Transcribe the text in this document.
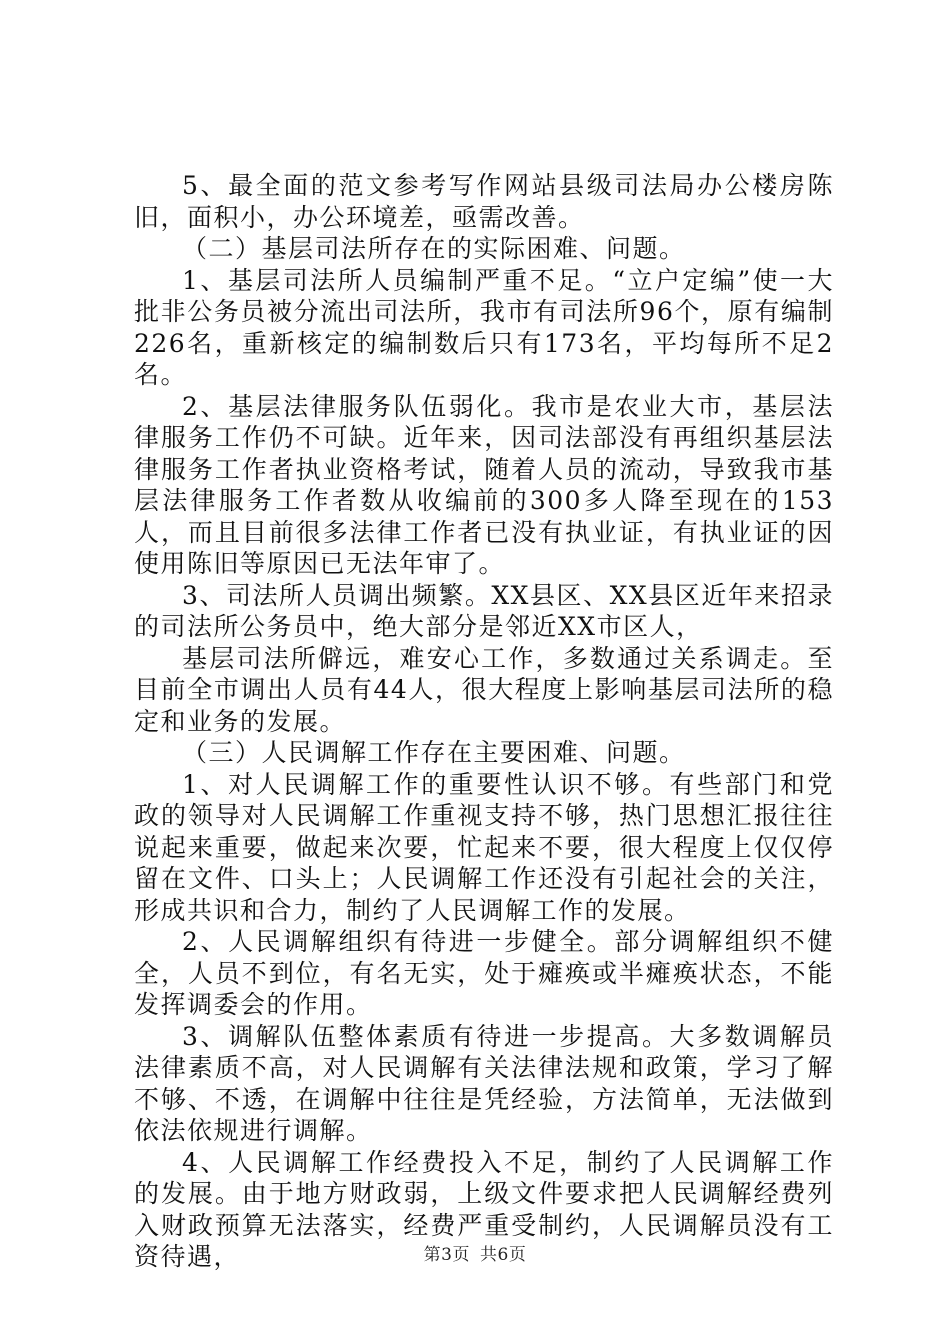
5、最全面的范文参考写作网站县级司法局办公楼房陈旧，面积小，办公环境差，亟需改善。

（二）基层司法所存在的实际困难、问题。

1、基层司法所人员编制严重不足。“立户定编”使一大批非公务员被分流出司法所，我市有司法所96个，原有编制226名，重新核定的编制数后只有173名，平均每所不足2名。

2、基层法律服务队伍弱化。我市是农业大市，基层法律服务工作仍不可缺。近年来，因司法部没有再组织基层法律服务工作者执业资格考试，随着人员的流动，导致我市基层法律服务工作者数从收编前的300多人降至现在的153人，而且目前很多法律工作者已没有执业证，有执业证的因使用陈旧等原因已无法年审了。

3、司法所人员调出频繁。XX县区、XX县区近年来招录的司法所公务员中，绝大部分是邻近XX市区人，

基层司法所僻远，难安心工作，多数通过关系调走。至目前全市调出人员有44人，很大程度上影响基层司法所的稳定和业务的发展。

（三）人民调解工作存在主要困难、问题。

1、对人民调解工作的重要性认识不够。有些部门和党政的领导对人民调解工作重视支持不够，热门思想汇报往往说起来重要，做起来次要，忙起来不要，很大程度上仅仅停留在文件、口头上；人民调解工作还没有引起社会的关注，形成共识和合力，制约了人民调解工作的发展。

2、人民调解组织有待进一步健全。部分调解组织不健全，人员不到位，有名无实，处于瘫痪或半瘫痪状态，不能发挥调委会的作用。

3、调解队伍整体素质有待进一步提高。大多数调解员法律素质不高，对人民调解有关法律法规和政策，学习了解不够、不透，在调解中往往是凭经验，方法简单，无法做到依法依规进行调解。

4、人民调解工作经费投入不足，制约了人民调解工作的发展。由于地方财政弱，上级文件要求把人民调解经费列入财政预算无法落实，经费严重受制约，人民调解员没有工资待遇，	第3页 共6页
